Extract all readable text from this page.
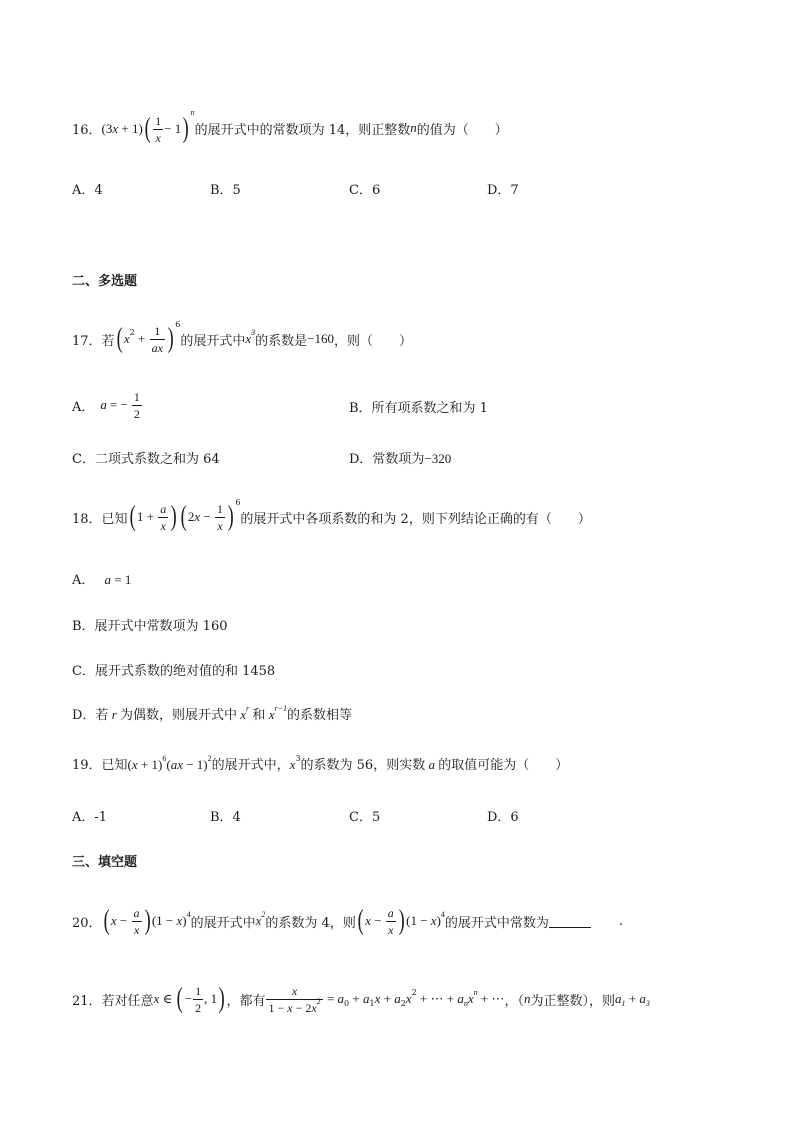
16． $(3x + 1)( \frac{1}{x} - 1)^n$
的展开式中的常数项为 14，则正整数 n 的值为（　　）
A．4	B．5	C．6	D．7
二、多选题
17．若 ( $x^2 + \frac{1}{ax}$ ) $^6$
的展开式中 $x^3$
的系数是 −160 ，则（　　）
A． a = − $\frac{1}{2}$	B．所有项系数之和为 1
C．二项式系数之和为 64	D．常数项为−320
18．已知 ( $1 + \frac{a}{x}$ ) ( $2x - \frac{1}{x}$ ) $^6$
的展开式中各项系数的和为 2，则下列结论正确的有（　　）
A． a = 1
B．展开式中常数项为 160
C．展开式系数的绝对值的和 1458
D．若 r 为偶数，则展开式中 $x^r$ 和 $x^{r-1}$的系数相等
19．已知$(x + 1)^6(ax - 1)^2$的展开式中，$x^3$的系数为 56，则实数 a 的取值可能为（　　）
A．-1	B．4	C．5	D．6
三、填空题
20． ( $x - \frac{a}{x}$ ) $(1 - x)^4$
的展开式中 $x^2$
的系数为 4，则 ( $x - \frac{a}{x}$ ) $(1 - x)^4$
的展开式中常数为	.
21．若对任意 x ∈ ( − $\frac{1}{2}$ , 1) ，都有 $\frac{x}{1 - x - 2x^2} = a_0 + a_1x + a_2x^2$ + ⋯ + $a_nx^n$ + ⋯ ，（ n 为正整数），则 $a_1 + a_3$
